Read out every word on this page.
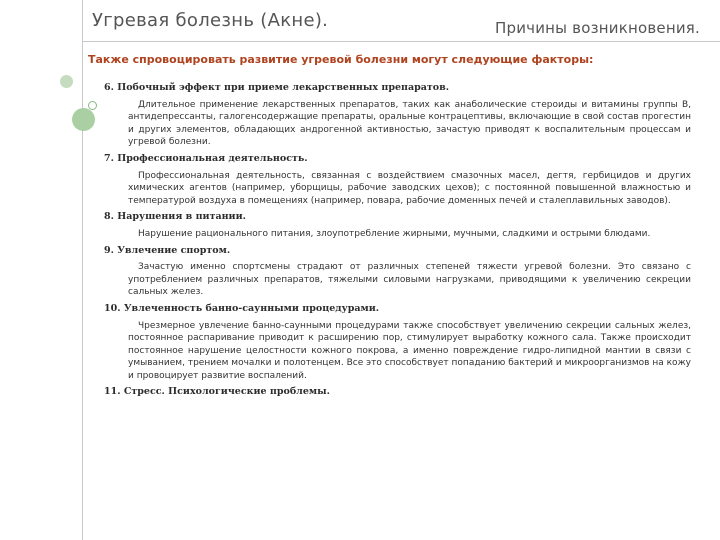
Угревая болезнь (Акне).	Причины возникновения.
Также спровоцировать развитие угревой болезни могут следующие факторы:
6. Побочный эффект при приеме лекарственных препаратов.
Длительное применение лекарственных препаратов, таких как анаболические стероиды и витамины группы В, антидепрессанты, галогенсодержащие препараты, оральные контрацептивы, включающие в свой состав прогестин и других элементов, обладающих андрогенной активностью, зачастую приводят к воспалительным процессам и угревой болезни.
7. Профессиональная деятельность.
Профессиональная деятельность, связанная с воздействием смазочных масел, дегтя, гербицидов и других химических агентов (например, уборщицы, рабочие заводских цехов); с постоянной повышенной влажностью и температурой воздуха в помещениях (например, повара, рабочие доменных печей и сталеплавильных заводов).
8. Нарушения в питании.
Нарушение рационального питания, злоупотребление жирными, мучными, сладкими и острыми блюдами.
9. Увлечение спортом.
Зачастую именно спортсмены страдают от различных степеней тяжести угревой болезни. Это связано с употреблением различных препаратов, тяжелыми силовыми нагрузками, приводящими к увеличению секреции сальных желез.
10. Увлеченность банно-саунными процедурами.
Чрезмерное увлечение банно-саунными процедурами также способствует увеличению секреции сальных желез, постоянное распаривание приводит к расширению пор, стимулирует выработку кожного сала. Также происходит постоянное нарушение целостности кожного покрова, а именно повреждение гидро-липидной мантии в связи с умыванием, трением мочалки и полотенцем. Все это способствует попаданию бактерий и микроорганизмов на кожу и провоцирует развитие воспалений.
11. Стресс. Психологические проблемы.
